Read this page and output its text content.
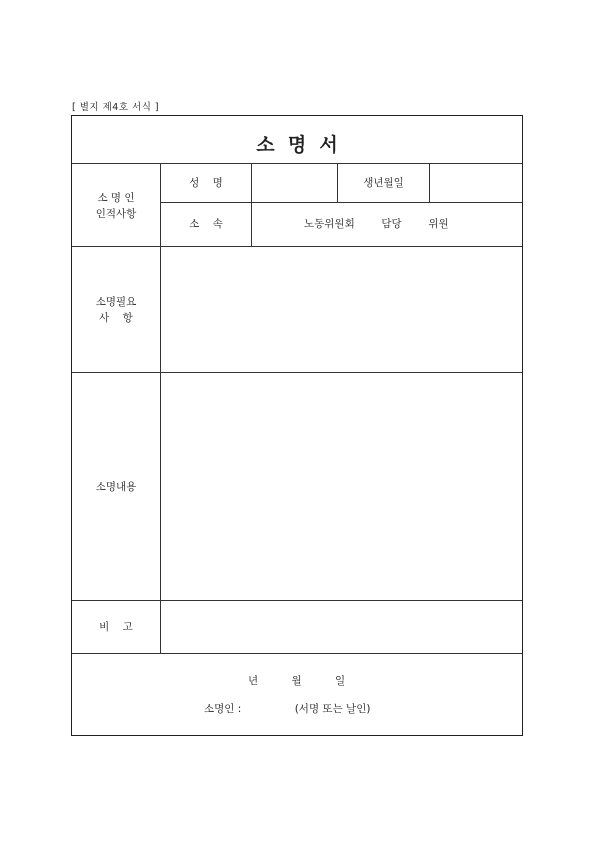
[ 별지 제4호 서식 ]
소  명  서
소 명 인
인적사항
성    명	생년월일
소    속	노동위원회        담당        위원
소명필요
사    항
소명내용
비    고
년          월          일
소명인 :                (서명 또는 날인)
